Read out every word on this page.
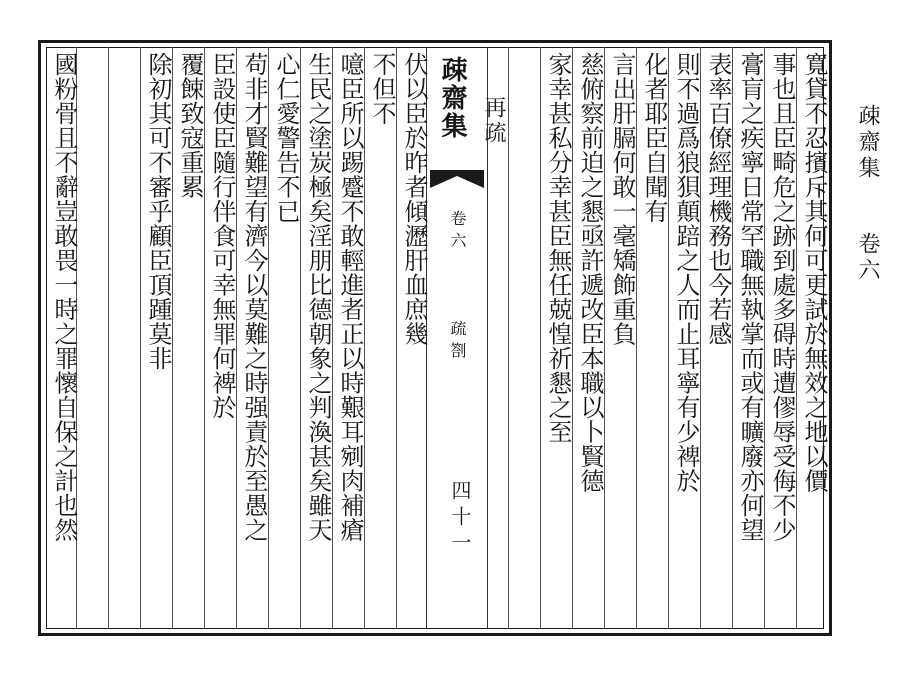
疎齋集
卷六
寬貸不忍擯斥其何可更試於無效之地以價
事也且臣畸危之跡到處多碍時遭僇辱受侮不少
膏肓之疾寧日常罕職無執掌而或有曠廢亦何望
表率百僚經理機務也今若感
則不過爲狼狽顛踣之人而止耳寧有少裨於
化者耶臣自聞有
言出肝膈何敢一毫矯飾重負
慈俯察前迫之懇亟許遞改臣本職以卜賢德
家幸甚私分幸甚臣無任兢惶祈懇之至
再疏
疎齋集
卷六
疏劄
四十一
伏以臣於昨者傾瀝肝血庶幾
不但不
噫臣所以踢蹙不敢輕進者正以時艱耳剜肉補瘡
生民之塗炭極矣淫朋比德朝象之判渙甚矣雖天
心仁愛警告不已
苟非才賢難望有濟今以莫難之時强責於至愚之
臣設使臣隨行伴食可幸無罪何裨於
覆餗致寇重累
除初其可不審乎顧臣頂踵莫非
國粉骨且不辭豈敢畏一時之罪懷自保之計也然
